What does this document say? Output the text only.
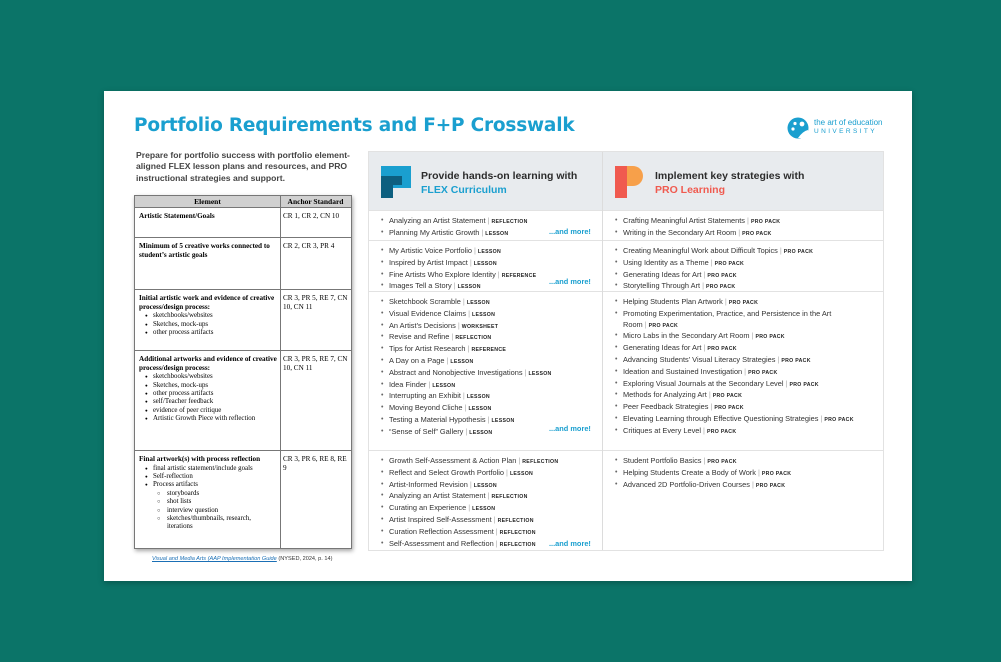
Portfolio Requirements and F+P Crosswalk	the art of education
UNIVERSITY
Prepare for portfolio success with portfolio element-aligned FLEX lesson plans and resources, and PRO instructional strategies and support.
Element	Anchor Standard
Artistic Statement/Goals	CR 1, CR 2, CN 10
Minimum of 5 creative works connected to student’s artistic goals
CR 2, CR 3, PR 4
Initial artistic work and evidence of creative process/design process:
● sketchbooks/websites
● Sketches, mock-ups
● other process artifacts
CR 3, PR 5, RE 7, CN 10, CN 11
Additional artworks and evidence of creative process/design process:
● sketchbooks/websites
● Sketches, mock-ups
● other process artifacts
● self/Teacher feedback
● evidence of peer critique
● Artistic Growth Piece with reflection
CR 3, PR 5, RE 7, CN 10, CN 11
Final artwork(s) with process reflection
● final artistic statement/include goals
● Self-reflection
● Process artifacts
○ storyboards
○ shot lists
○ interview question
○ sketches/thumbnails, research, iterations
CR 3, PR 6, RE 8, RE 9
Visual and Media Arts (AAP Implementation Guide (NYSED, 2024, p. 14)
Provide hands-on learning with
FLEX Curriculum
Implement key strategies with
PRO Learning
• Analyzing an Artist Statement | REFLECTION
• Planning My Artistic Growth | LESSON	...and more!
• Crafting Meaningful Artist Statements | PRO PACK
• Writing in the Secondary Art Room | PRO PACK
• My Artistic Voice Portfolio | LESSON
• Inspired by Artist Impact | LESSON
• Fine Artists Who Explore Identity | REFERENCE
• Images Tell a Story | LESSON
...and more!
• Creating Meaningful Work about Difficult Topics | PRO PACK
• Using Identity as a Theme | PRO PACK
• Generating Ideas for Art | PRO PACK
• Storytelling Through Art | PRO PACK
• Sketchbook Scramble | LESSON
• Visual Evidence Claims | LESSON
• An Artist’s Decisions | WORKSHEET
• Revise and Refine | REFLECTION
• Tips for Artist Research | REFERENCE
• A Day on a Page | LESSON
• Abstract and Nonobjective Investigations | LESSON
• Idea Finder | LESSON
• Interrupting an Exhibit | LESSON
• Moving Beyond Cliche | LESSON
• Testing a Material Hypothesis | LESSON
• “Sense of Self” Gallery | LESSON	...and more!
• Helping Students Plan Artwork | PRO PACK
• Promoting Experimentation, Practice, and Persistence in the Art Room | PRO PACK
• Micro Labs in the Secondary Art Room | PRO PACK
• Generating Ideas for Art | PRO PACK
• Advancing Students’ Visual Literacy Strategies | PRO PACK
• Ideation and Sustained Investigation | PRO PACK
• Exploring Visual Journals at the Secondary Level | PRO PACK
• Methods for Analyzing Art | PRO PACK
• Peer Feedback Strategies | PRO PACK
• Elevating Learning through Effective Questioning Strategies | PRO PACK
• Critiques at Every Level | PRO PACK
• Growth Self-Assessment & Action Plan | REFLECTION
• Reflect and Select Growth Portfolio | LESSON
• Artist-Informed Revision | LESSON
• Analyzing an Artist Statement | REFLECTION
• Curating an Experience | LESSON
• Artist Inspired Self-Assessment | REFLECTION
• Curation Reflection Assessment | REFLECTION
• Self-Assessment and Reflection | REFLECTION	...and more!
• Student Portfolio Basics | PRO PACK
• Helping Students Create a Body of Work | PRO PACK
• Advanced 2D Portfolio-Driven Courses | PRO PACK
